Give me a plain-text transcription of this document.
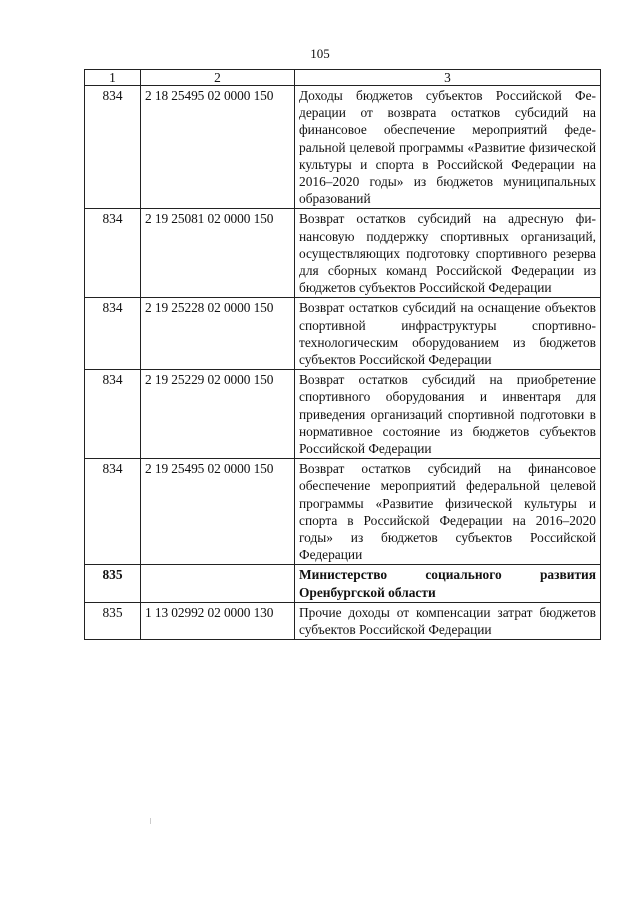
105
1	2	3
834	2 18 25495 02 0000 150	Доходы бюджетов субъектов Российской Федерации от возврата остатков субсидий на финансовое обеспечение мероприятий федеральной целевой программы «Развитие физической культуры и спорта в Российской Федерации на 2016–2020 годы» из бюджетов муниципальных образований
834	2 19 25081 02 0000 150	Возврат остатков субсидий на адресную финансовую поддержку спортивных организаций, осуществляющих подготовку спортивного резерва для сборных команд Российской Федерации из бюджетов субъектов Российской Федерации
834	2 19 25228 02 0000 150	Возврат остатков субсидий на оснащение объектов спортивной инфраструктуры спортивно-технологическим оборудованием из бюджетов субъектов Российской Федерации
834	2 19 25229 02 0000 150	Возврат остатков субсидий на приобретение спортивного оборудования и инвентаря для приведения организаций спортивной подготовки в нормативное состояние из бюджетов субъектов Российской Федерации
834	2 19 25495 02 0000 150	Возврат остатков субсидий на финансовое обеспечение мероприятий федеральной целевой программы «Развитие физической культуры и спорта в Российской Федерации на 2016–2020 годы» из бюджетов субъектов Российской Федерации
835		Министерство социального развития Оренбургской области
835	1 13 02992 02 0000 130	Прочие доходы от компенсации затрат бюджетов субъектов Российской Федерации
